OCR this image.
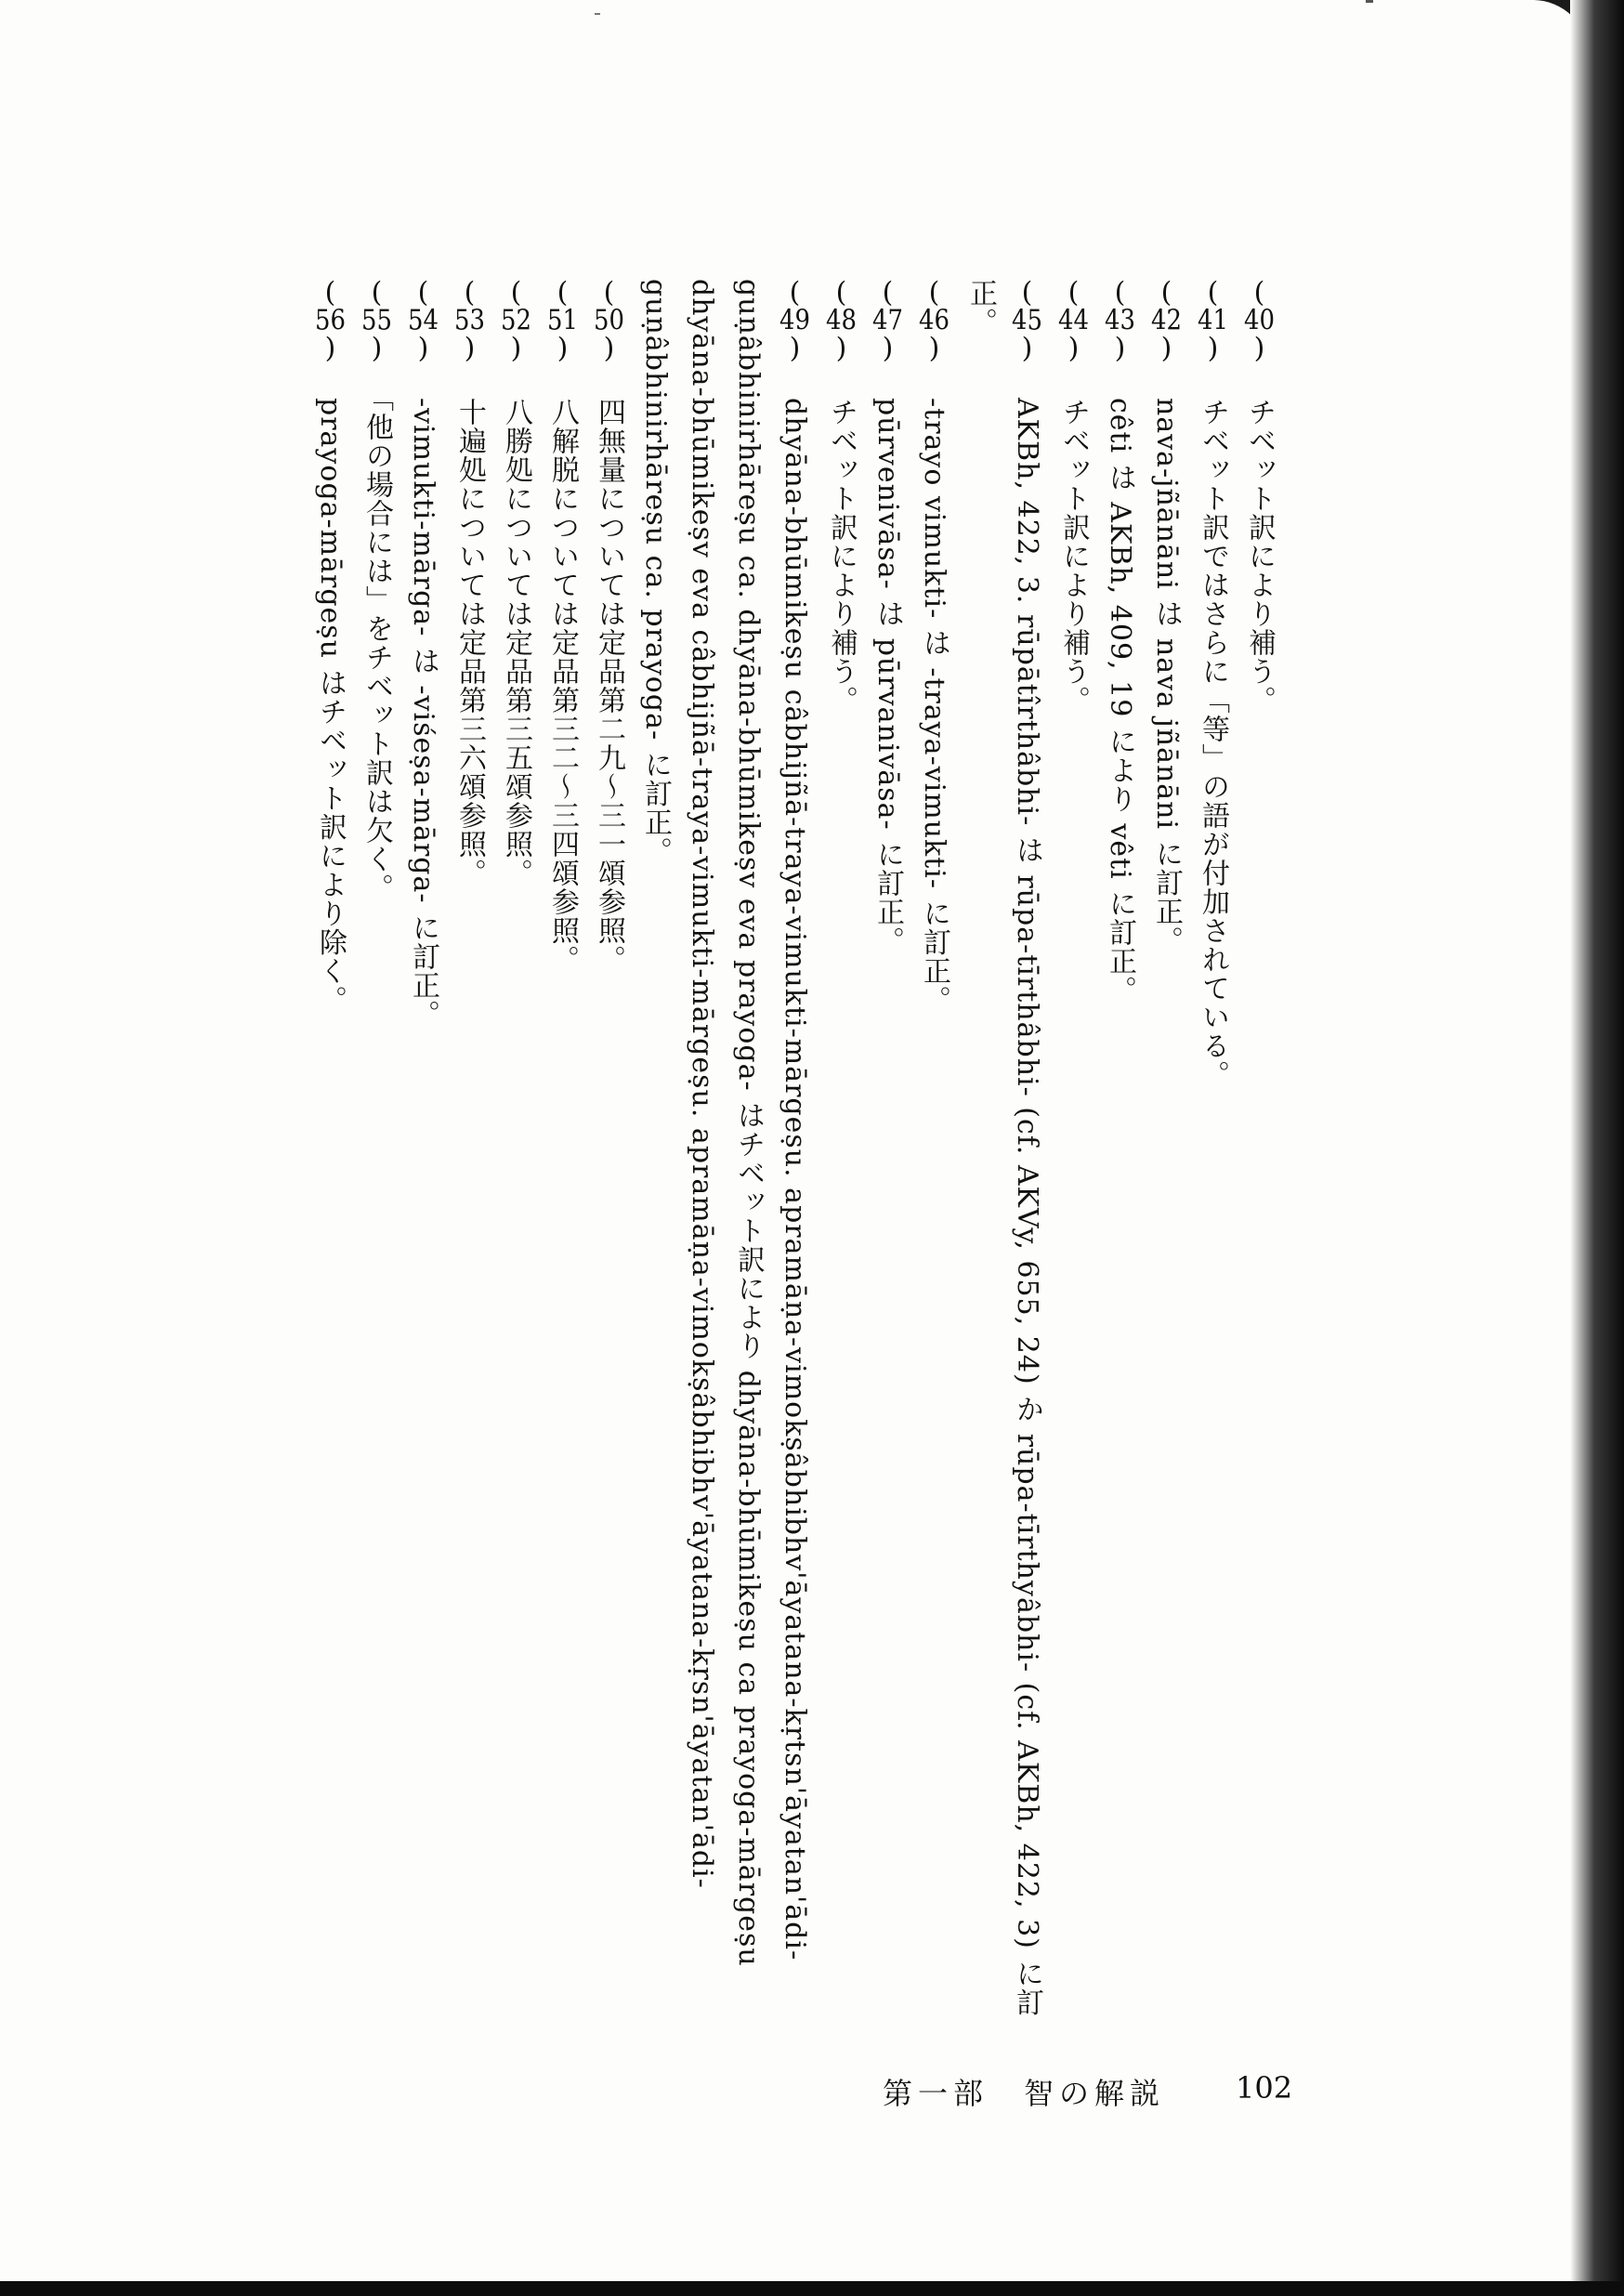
(40)　チベット訳により補う。
(41)　チベット訳ではさらに「等」の語が付加されている。
(42)　nava-jñānāni は nava jñānāni に訂正。
(43)　cêti は AKBh, 409, 19 により vêti に訂正。
(44)　チベット訳により補う。
(45)　AKBh, 422, 3. rūpātîrthâbhi- は rūpa-tīrthâbhi- (cf. AKVy, 655, 24) か rūpa-tīrthyâbhi- (cf. AKBh, 422, 3) に訂正。
(46)　-trayo vimukti- は -traya-vimukti- に訂正。
(47)　pūrvenivāsa- は pūrvanivāsa- に訂正。
(48)　チベット訳により補う。
(49)　dhyāna-bhūmikeṣu câbhijñā-traya-vimukti-mārgeṣu. apramāṇa-vimokṣâbhibhv'āyatana-kṛtsn'āyatan'ādi-guṇâbhinirhāreṣu ca. dhyāna-bhūmikeṣv eva prayoga- はチベット訳により dhyāna-bhūmikeṣu ca prayoga-mārgeṣu dhyāna-bhūmikeṣv eva câbhijñā-traya-vimukti-mārgeṣu. apramāṇa-vimokṣâbhibhv'āyatana-kṛsn'āyatan'ādi-guṇâbhinirhāreṣu ca. prayoga- に訂正。
(50)　四無量については定品第二九～三一頌参照。
(51)　八解脱については定品第三二～三四頌参照。
(52)　八勝処については定品第三五頌参照。
(53)　十遍処については定品第三六頌参照。
(54)　-vimukti-mārga- は -viśeṣa-mārga- に訂正。
(55)　「他の場合には」をチベット訳は欠く。
(56)　prayoga-mārgeṣu はチベット訳により除く。
第一部　智の解説 102
